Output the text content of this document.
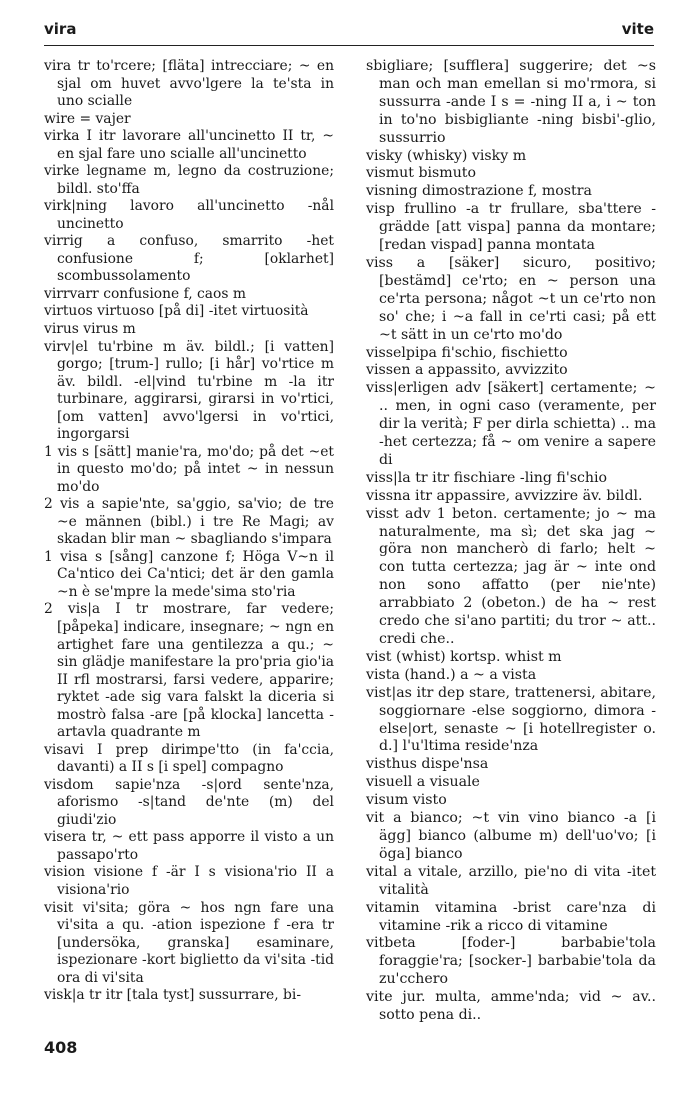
vira	vite

vira tr to'rcere; [fläta] intrecciare; ~ en sjal om huvet avvo'lgere la te'sta in uno scialle

wire = vajer

virka I itr lavorare all'uncinetto II tr, ~ en sjal fare uno scialle all'uncinetto

virke legname m, legno da costruzione; bildl. sto'ffa

virk|ning lavoro all'uncinetto -nål uncinetto

virrig a confuso, smarrito -het confusione f; [oklarhet] scombussolamento

virrvarr confusione f, caos m

virtuos virtuoso [på di] -itet virtuosità

virus virus m

virv|el tu'rbine m äv. bildl.; [i vatten] gorgo; [trum-] rullo; [i hår] vo'rtice m äv. bildl. -el|vind tu'rbine m -la itr turbinare, aggirarsi, girarsi in vo'rtici, [om vatten] avvo'lgersi in vo'rtici, ingorgarsi

1 vis s [sätt] manie'ra, mo'do; på det ~et in questo mo'do; på intet ~ in nessun mo'do

2 vis a sapie'nte, sa'ggio, sa'vio; de tre ~e männen (bibl.) i tre Re Magi; av skadan blir man ~ sbagliando s'impara

1 visa s [sång] canzone f; Höga V~n il Ca'ntico dei Ca'ntici; det är den gamla ~n è se'mpre la mede'sima sto'ria

2 vis|a I tr mostrare, far vedere; [påpeka] indicare, insegnare; ~ ngn en artighet fare una gentilezza a qu.; ~ sin glädje manifestare la pro'pria gio'ia II rfl mostrarsi, farsi vedere, apparire; ryktet -ade sig vara falskt la diceria si mostrò falsa -are [på klocka] lancetta -artavla quadrante m

visavi I prep dirimpe'tto (in fa'ccia, davanti) a II s [i spel] compagno

visdom sapie'nza -s|ord sente'nza, aforismo -s|tand de'nte (m) del giudi'zio

visera tr, ~ ett pass apporre il visto a un passapo'rto

vision visione f -är I s visiona'rio II a visiona'rio

visit vi'sita; göra ~ hos ngn fare una vi'sita a qu. -ation ispezione f -era tr [undersöka, granska] esaminare, ispezionare -kort biglietto da vi'sita -tid ora di vi'sita

visk|a tr itr [tala tyst] sussurrare, bi-

sbigliare; [sufflera] suggerire; det ~s man och man emellan si mo'rmora, si sussurra -ande I s = -ning II a, i ~ ton in to'no bisbigliante -ning bisbi'-glio, sussurrio

visky (whisky) visky m

vismut bismuto

visning dimostrazione f, mostra

visp frullino -a tr frullare, sba'ttere -grädde [att vispa] panna da montare; [redan vispad] panna montata

viss a [säker] sicuro, positivo; [bestämd] ce'rto; en ~ person una ce'rta persona; något ~t un ce'rto non so' che; i ~a fall in ce'rti casi; på ett ~t sätt in un ce'rto mo'do

visselpipa fi'schio, fischietto

vissen a appassito, avvizzito

viss|erligen adv [säkert] certamente; ~ .. men, in ogni caso (veramente, per dir la verità; F per dirla schietta) .. ma -het certezza; få ~ om venire a sapere di

viss|la tr itr fischiare -ling fi'schio

vissna itr appassire, avvizzire äv. bildl.

visst adv 1 beton. certamente; jo ~ ma naturalmente, ma sì; det ska jag ~ göra non mancherò di farlo; helt ~ con tutta certezza; jag är ~ inte ond non sono affatto (per nie'nte) arrabbiato 2 (obeton.) de ha ~ rest credo che si'ano partiti; du tror ~ att.. credi che..

vist (whist) kortsp. whist m

vista (hand.) a ~ a vista

vist|as itr dep stare, trattenersi, abitare, soggiornare -else soggiorno, dimora -else|ort, senaste ~ [i hotellregister o. d.] l'u'ltima reside'nza

visthus dispe'nsa

visuell a visuale

visum visto

vit a bianco; ~t vin vino bianco -a [i ägg] bianco (albume m) dell'uo'vo; [i öga] bianco

vital a vitale, arzillo, pie'no di vita -itet vitalità

vitamin vitamina -brist care'nza di vitamine -rik a ricco di vitamine

vitbeta [foder-] barbabie'tola foraggie'ra; [socker-] barbabie'tola da zu'cchero

vite jur. multa, amme'nda; vid ~ av.. sotto pena di..

408
